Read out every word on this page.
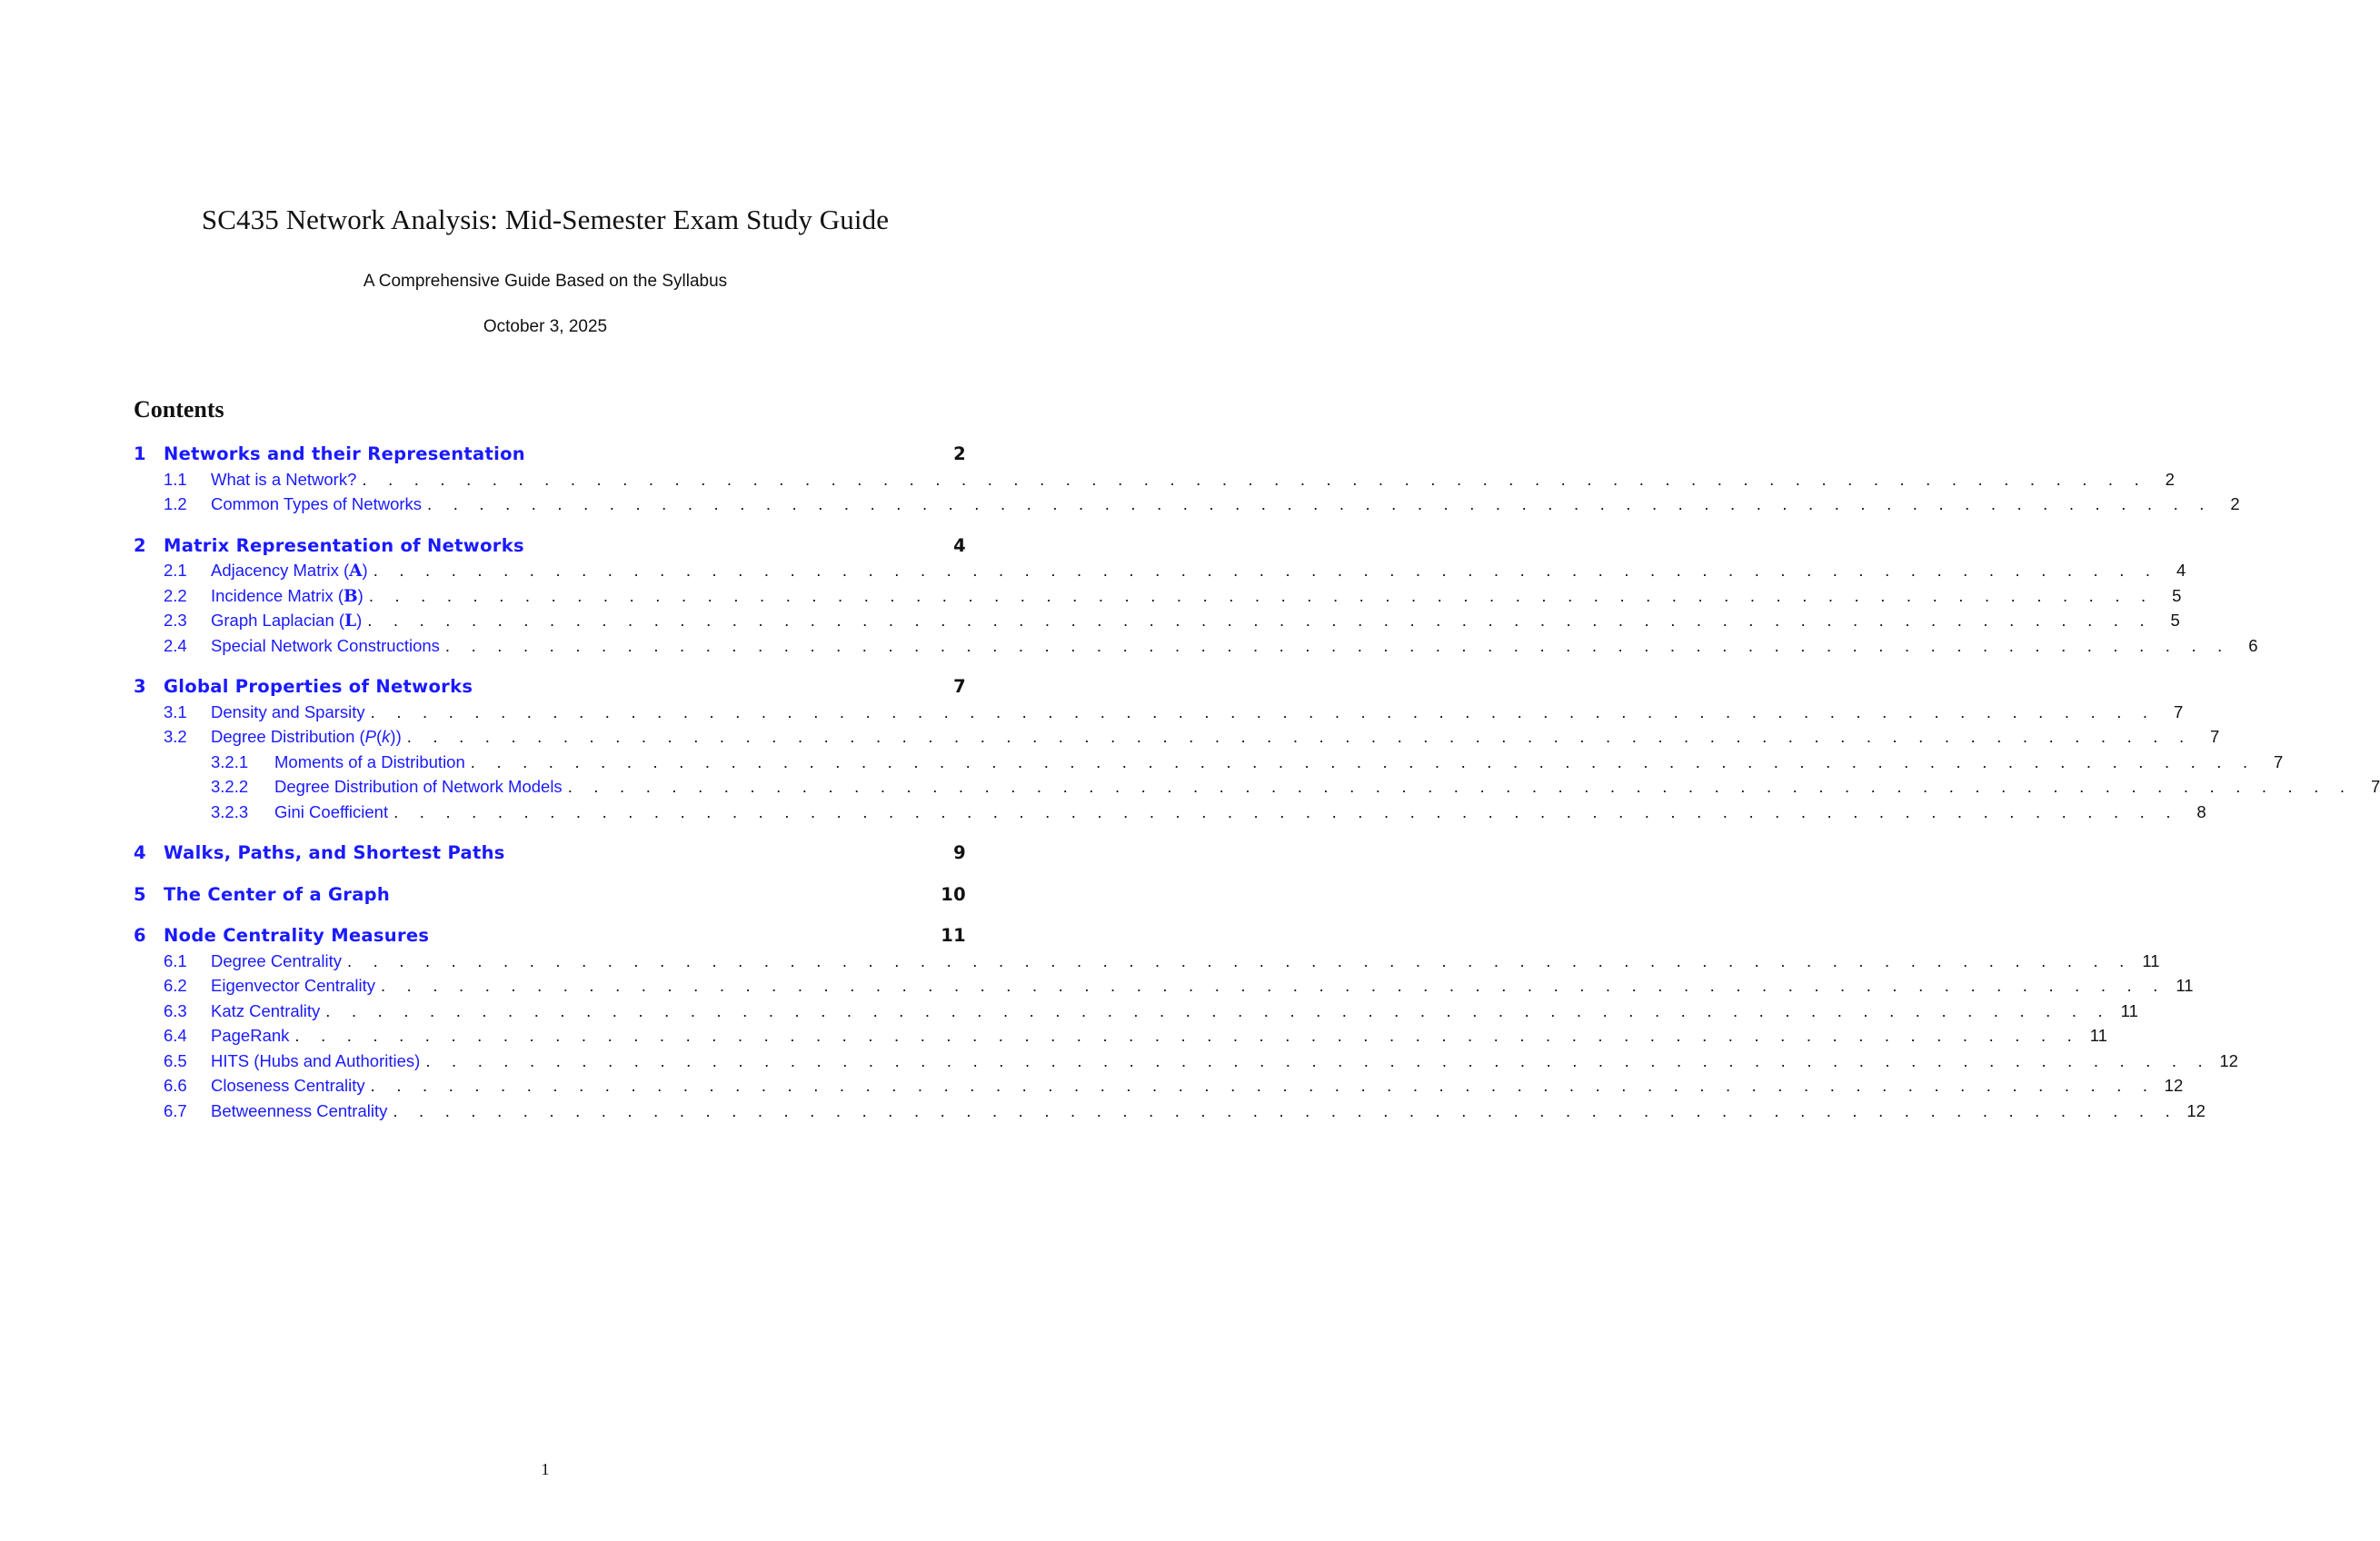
SC435 Network Analysis: Mid-Semester Exam Study Guide
A Comprehensive Guide Based on the Syllabus
October 3, 2025
Contents
1 Networks and their Representation	2
1.1	What is a Network? . . . . . . . . . . . . . . . . . . . . . . . . . . . . . . . . . . . . . . . . . . . . . . . . . . . . . . . . . . . . . . . . . . . . .	2
1.2	Common Types of Networks . . . . . . . . . . . . . . . . . . . . . . . . . . . . . . . . . . . . . . . . . . . . . . . . . . . . . . . . . . . . . . . . . . . . .	2
2 Matrix Representation of Networks	4
2.1	Adjacency Matrix (A) . . . . . . . . . . . . . . . . . . . . . . . . . . . . . . . . . . . . . . . . . . . . . . . . . . . . . . . . . . . . . . . . . . . . .	4
2.2	Incidence Matrix (B) . . . . . . . . . . . . . . . . . . . . . . . . . . . . . . . . . . . . . . . . . . . . . . . . . . . . . . . . . . . . . . . . . . . . .	5
2.3	Graph Laplacian (L) . . . . . . . . . . . . . . . . . . . . . . . . . . . . . . . . . . . . . . . . . . . . . . . . . . . . . . . . . . . . . . . . . . . . .	5
2.4	Special Network Constructions . . . . . . . . . . . . . . . . . . . . . . . . . . . . . . . . . . . . . . . . . . . . . . . . . . . . . . . . . . . . . . . . . . . . .	6
3 Global Properties of Networks	7
3.1	Density and Sparsity . . . . . . . . . . . . . . . . . . . . . . . . . . . . . . . . . . . . . . . . . . . . . . . . . . . . . . . . . . . . . . . . . . . . .	7
3.2	Degree Distribution (P(k)) . . . . . . . . . . . . . . . . . . . . . . . . . . . . . . . . . . . . . . . . . . . . . . . . . . . . . . . . . . . . . . . . . . . . .	7
3.2.1	Moments of a Distribution . . . . . . . . . . . . . . . . . . . . . . . . . . . . . . . . . . . . . . . . . . . . . . . . . . . . . . . . . . . . . . . . . . . . .	7
3.2.2	Degree Distribution of Network Models . . . . . . . . . . . . . . . . . . . . . . . . . . . . . . . . . . . . . . . . . . . . . . . . . . . . . . . . . . . . . . . . . . . . .	7
3.2.3	Gini Coefficient . . . . . . . . . . . . . . . . . . . . . . . . . . . . . . . . . . . . . . . . . . . . . . . . . . . . . . . . . . . . . . . . . . . . .	8
4 Walks, Paths, and Shortest Paths	9
5 The Center of a Graph	10
6 Node Centrality Measures	11
6.1	Degree Centrality . . . . . . . . . . . . . . . . . . . . . . . . . . . . . . . . . . . . . . . . . . . . . . . . . . . . . . . . . . . . . . . . . . . . . 11
6.2	Eigenvector Centrality . . . . . . . . . . . . . . . . . . . . . . . . . . . . . . . . . . . . . . . . . . . . . . . . . . . . . . . . . . . . . . . . . . . . . 11
6.3	Katz Centrality . . . . . . . . . . . . . . . . . . . . . . . . . . . . . . . . . . . . . . . . . . . . . . . . . . . . . . . . . . . . . . . . . . . . . 11
6.4	PageRank . . . . . . . . . . . . . . . . . . . . . . . . . . . . . . . . . . . . . . . . . . . . . . . . . . . . . . . . . . . . . . . . . . . . . 11
6.5	HITS (Hubs and Authorities) . . . . . . . . . . . . . . . . . . . . . . . . . . . . . . . . . . . . . . . . . . . . . . . . . . . . . . . . . . . . . . . . . . . . . 12
6.6	Closeness Centrality . . . . . . . . . . . . . . . . . . . . . . . . . . . . . . . . . . . . . . . . . . . . . . . . . . . . . . . . . . . . . . . . . . . . . 12
6.7	Betweenness Centrality . . . . . . . . . . . . . . . . . . . . . . . . . . . . . . . . . . . . . . . . . . . . . . . . . . . . . . . . . . . . . . . . . . . . . 12
1
